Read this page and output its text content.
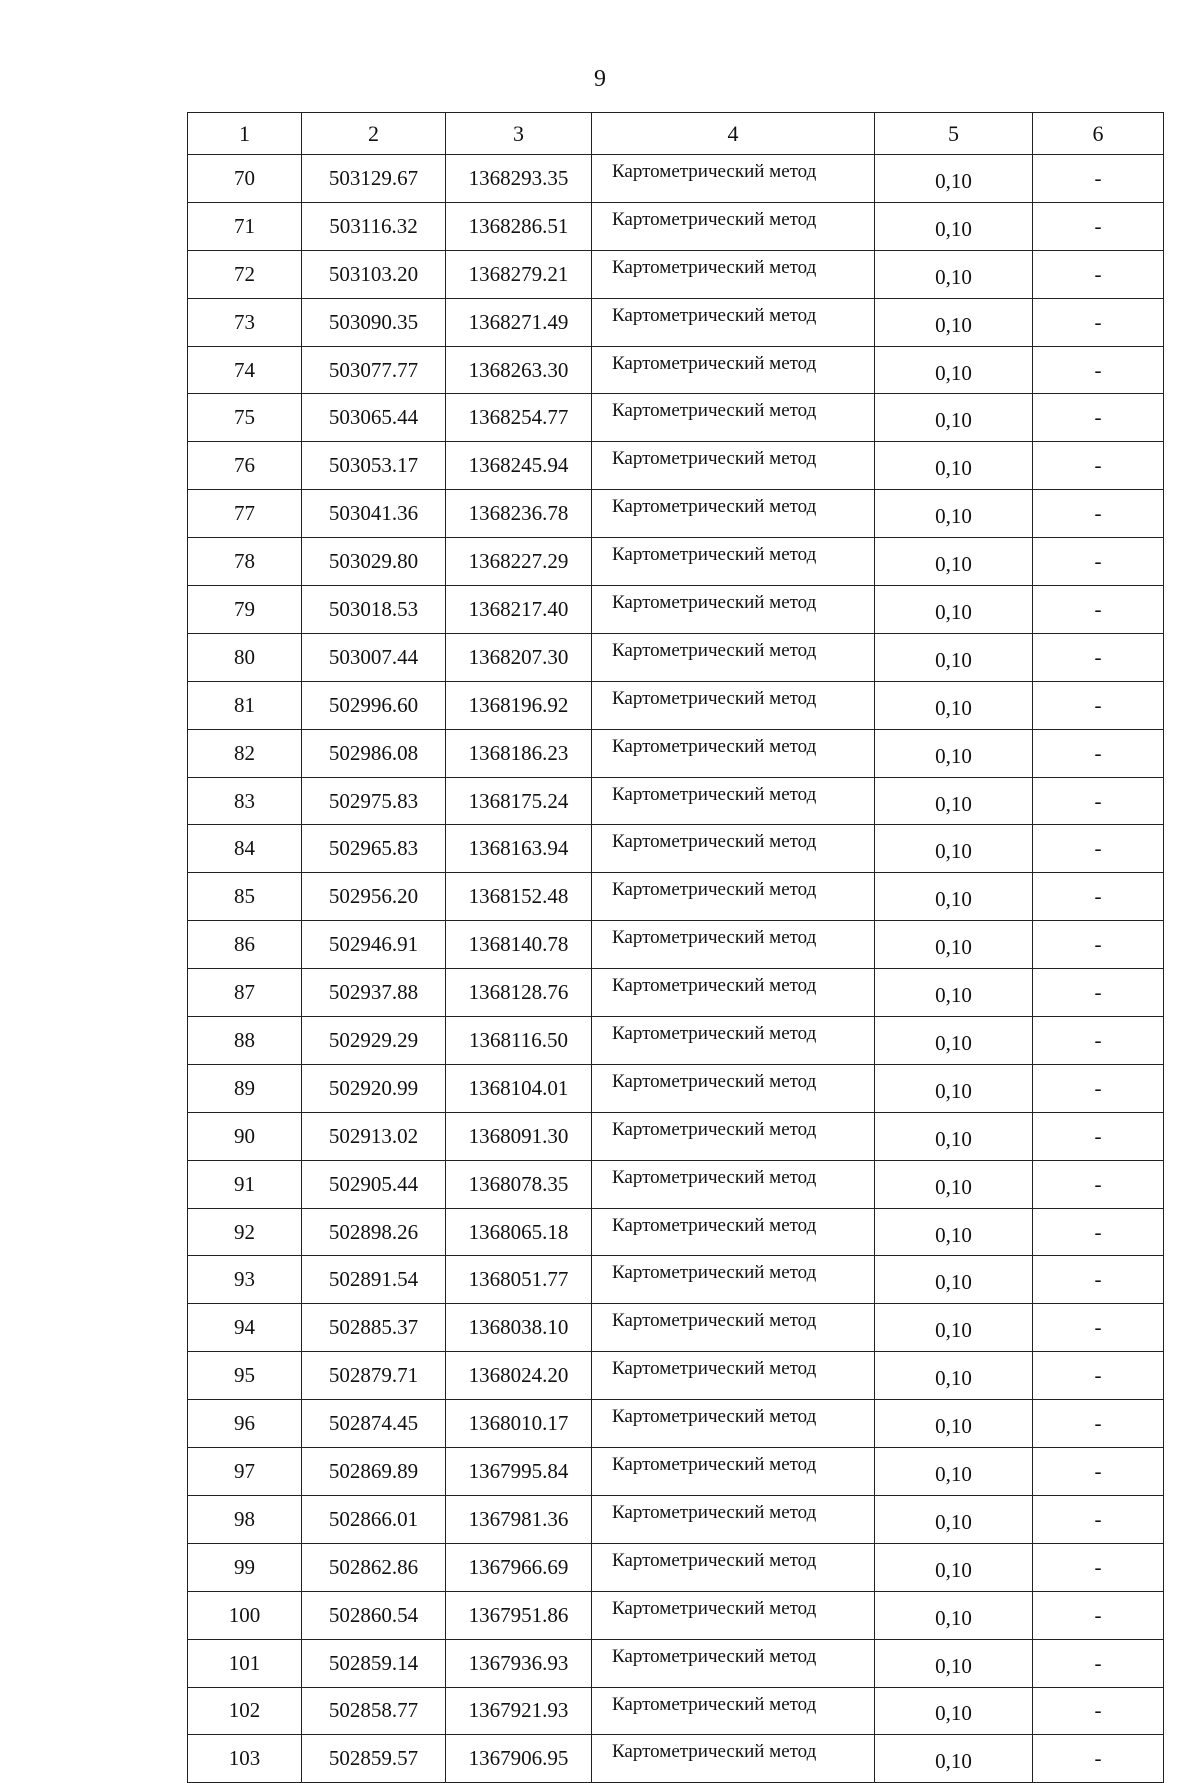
9
1	2	3	4	5	6
70	503129.67	1368293.35	Картометрический метод	0,10	-
71	503116.32	1368286.51	Картометрический метод	0,10	-
72	503103.20	1368279.21	Картометрический метод	0,10	-
73	503090.35	1368271.49	Картометрический метод	0,10	-
74	503077.77	1368263.30	Картометрический метод	0,10	-
75	503065.44	1368254.77	Картометрический метод	0,10	-
76	503053.17	1368245.94	Картометрический метод	0,10	-
77	503041.36	1368236.78	Картометрический метод	0,10	-
78	503029.80	1368227.29	Картометрический метод	0,10	-
79	503018.53	1368217.40	Картометрический метод	0,10	-
80	503007.44	1368207.30	Картометрический метод	0,10	-
81	502996.60	1368196.92	Картометрический метод	0,10	-
82	502986.08	1368186.23	Картометрический метод	0,10	-
83	502975.83	1368175.24	Картометрический метод	0,10	-
84	502965.83	1368163.94	Картометрический метод	0,10	-
85	502956.20	1368152.48	Картометрический метод	0,10	-
86	502946.91	1368140.78	Картометрический метод	0,10	-
87	502937.88	1368128.76	Картометрический метод	0,10	-
88	502929.29	1368116.50	Картометрический метод	0,10	-
89	502920.99	1368104.01	Картометрический метод	0,10	-
90	502913.02	1368091.30	Картометрический метод	0,10	-
91	502905.44	1368078.35	Картометрический метод	0,10	-
92	502898.26	1368065.18	Картометрический метод	0,10	-
93	502891.54	1368051.77	Картометрический метод	0,10	-
94	502885.37	1368038.10	Картометрический метод	0,10	-
95	502879.71	1368024.20	Картометрический метод	0,10	-
96	502874.45	1368010.17	Картометрический метод	0,10	-
97	502869.89	1367995.84	Картометрический метод	0,10	-
98	502866.01	1367981.36	Картометрический метод	0,10	-
99	502862.86	1367966.69	Картометрический метод	0,10	-
100	502860.54	1367951.86	Картометрический метод	0,10	-
101	502859.14	1367936.93	Картометрический метод	0,10	-
102	502858.77	1367921.93	Картометрический метод	0,10	-
103	502859.57	1367906.95	Картометрический метод	0,10	-
